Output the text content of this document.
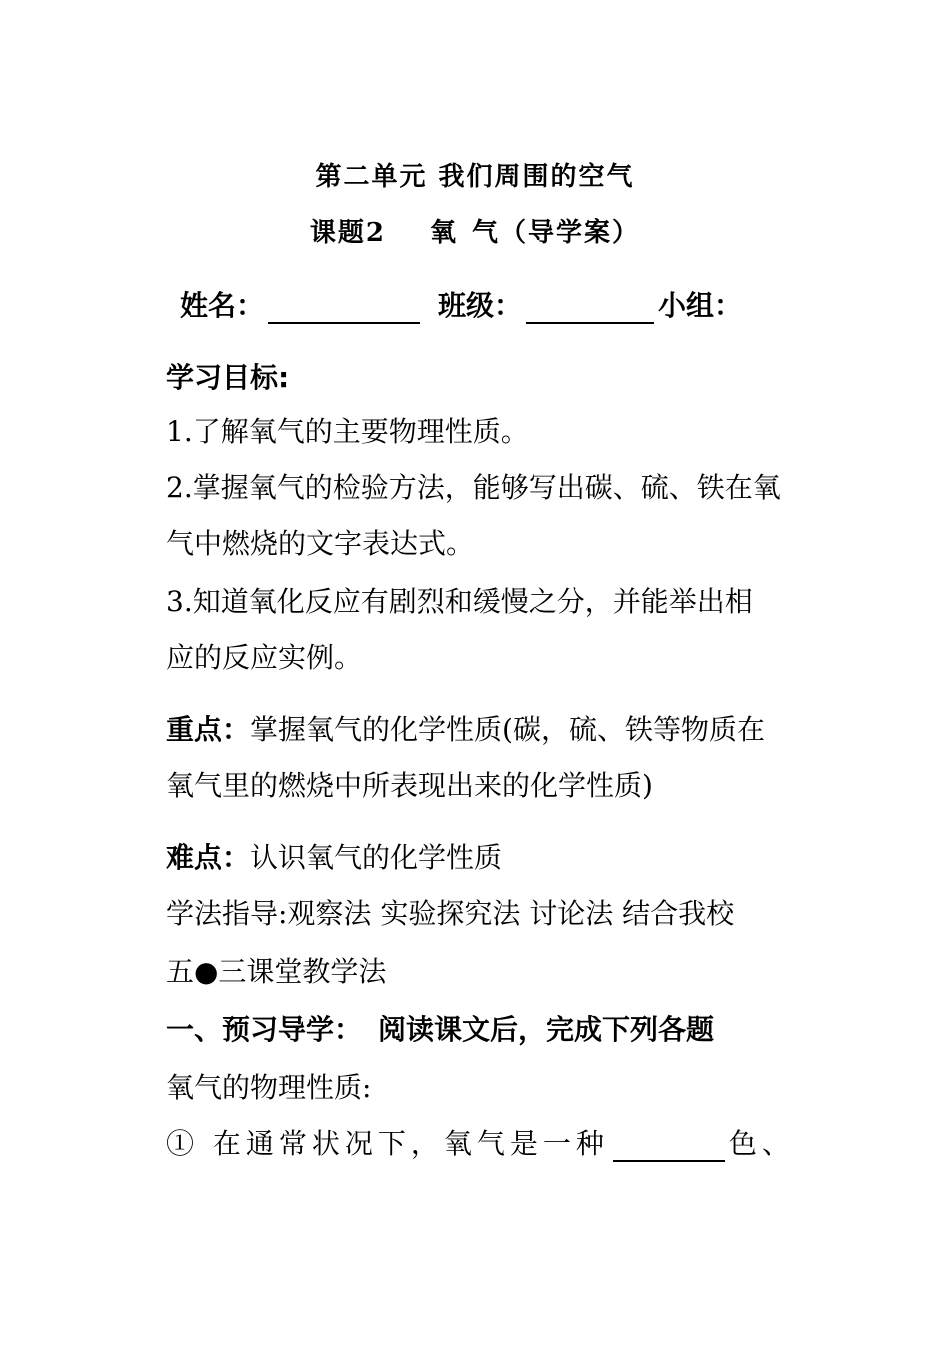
第二单元 我们周围的空气
课题2 氧 气（导学案）
姓名：	班级：	小组：
学习目标:
1.了解氧气的主要物理性质。
2.掌握氧气的检验方法，能够写出碳、硫、铁在氧
气中燃烧的文字表达式。
3.知道氧化反应有剧烈和缓慢之分，并能举出相
应的反应实例。
重点：掌握氧气的化学性质(碳，硫、铁等物质在
氧气里的燃烧中所表现出来的化学性质)
难点：认识氧气的化学性质
学法指导:观察法 实验探究法 讨论法 结合我校
五●三课堂教学法
一、预习导学： 阅读课文后，完成下列各题
氧气的物理性质:
① 在通常状况下，氧气是一种	色、
